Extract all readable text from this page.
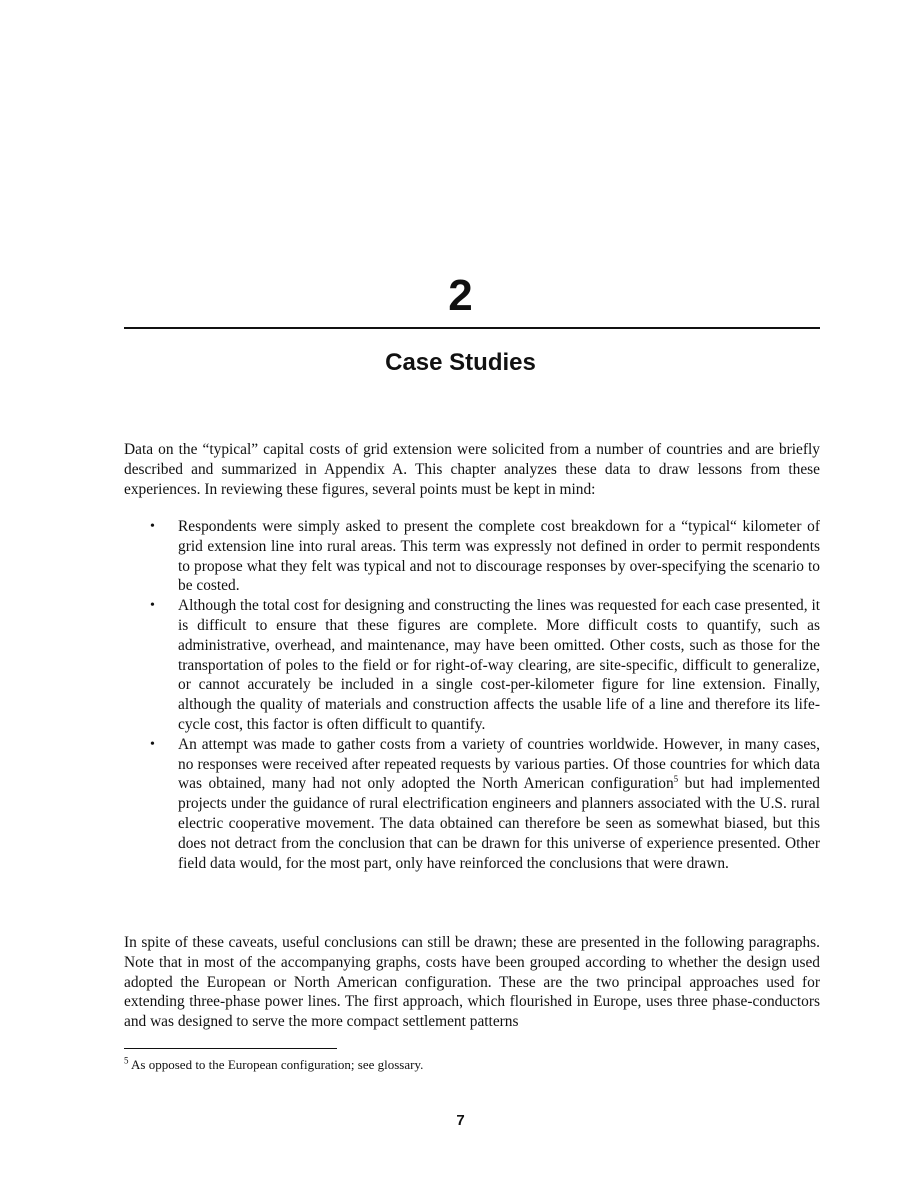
2
Case Studies

Data on the “typical” capital costs of grid extension were solicited from a number of countries and are briefly described and summarized in Appendix A. This chapter analyzes these data to draw lessons from these experiences. In reviewing these figures, several points must be kept in mind:

• Respondents were simply asked to present the complete cost breakdown for a “typical“ kilometer of grid extension line into rural areas. This term was expressly not defined in order to permit respondents to propose what they felt was typical and not to discourage responses by over-specifying the scenario to be costed.
• Although the total cost for designing and constructing the lines was requested for each case presented, it is difficult to ensure that these figures are complete. More difficult costs to quantify, such as administrative, overhead, and maintenance, may have been omitted. Other costs, such as those for the transportation of poles to the field or for right-of-way clearing, are site-specific, difficult to generalize, or cannot accurately be included in a single cost-per-kilometer figure for line extension. Finally, although the quality of materials and construction affects the usable life of a line and therefore its life-cycle cost, this factor is often difficult to quantify.
• An attempt was made to gather costs from a variety of countries worldwide. However, in many cases, no responses were received after repeated requests by various parties. Of those countries for which data was obtained, many had not only adopted the North American configuration$^5$ but had implemented projects under the guidance of rural electrification engineers and planners associated with the U.S. rural electric cooperative movement. The data obtained can therefore be seen as somewhat biased, but this does not detract from the conclusion that can be drawn for this universe of experience presented. Other field data would, for the most part, only have reinforced the conclusions that were drawn.

In spite of these caveats, useful conclusions can still be drawn; these are presented in the following paragraphs. Note that in most of the accompanying graphs, costs have been grouped according to whether the design used adopted the European or North American configuration. These are the two principal approaches used for extending three-phase power lines. The first approach, which flourished in Europe, uses three phase-conductors and was designed to serve the more compact settlement patterns

$^5$ As opposed to the European configuration; see glossary.
7
